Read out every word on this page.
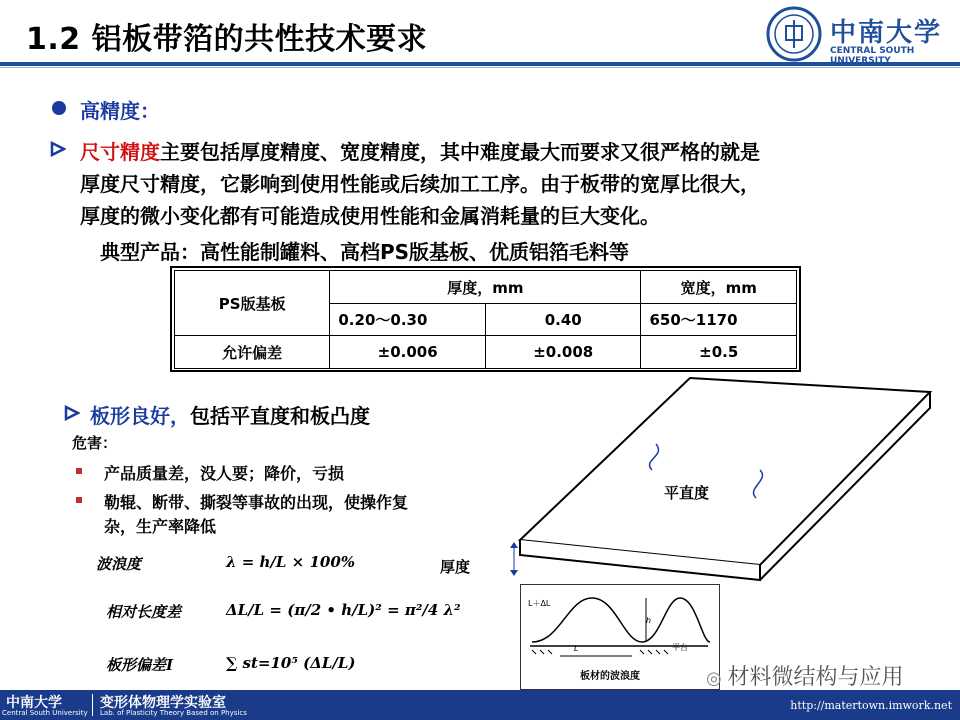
1.2 铝板带箔的共性技术要求	中南大学
CENTRAL SOUTH UNIVERSITY
高精度：
尺寸精度主要包括厚度精度、宽度精度，其中难度最大而要求又很严格的就是
厚度尺寸精度，它影响到使用性能或后续加工工序。由于板带的宽厚比很大，
厚度的微小变化都有可能造成使用性能和金属消耗量的巨大变化。
典型产品：高性能制罐料、高档PS版基板、优质铝箔毛料等
PS版基板	厚度，mm		宽度，mm
	0.20～0.30	0.40	650～1170
允许偏差	±0.006	±0.008	±0.5
板形良好，包括平直度和板凸度
危害：
产品质量差，没人要；降价，亏损
勒辊、断带、撕裂等事故的出现，使操作复
杂，生产率降低
波浪度	λ = h/L × 100%
相对长度差	ΔL/L = (π/2 • h/L)² = π²/4 λ²
板形偏差I	∑ st=10⁵ (ΔL/L)
平直度
厚度
L＋ΔL
L
h
平台
板材的波浪度	◎ 材料微结构与应用
中南大学
Central South University
变形体物理学实验室
Lab. of Plasticity Theory Based on Physics
http://matertown.imwork.net
